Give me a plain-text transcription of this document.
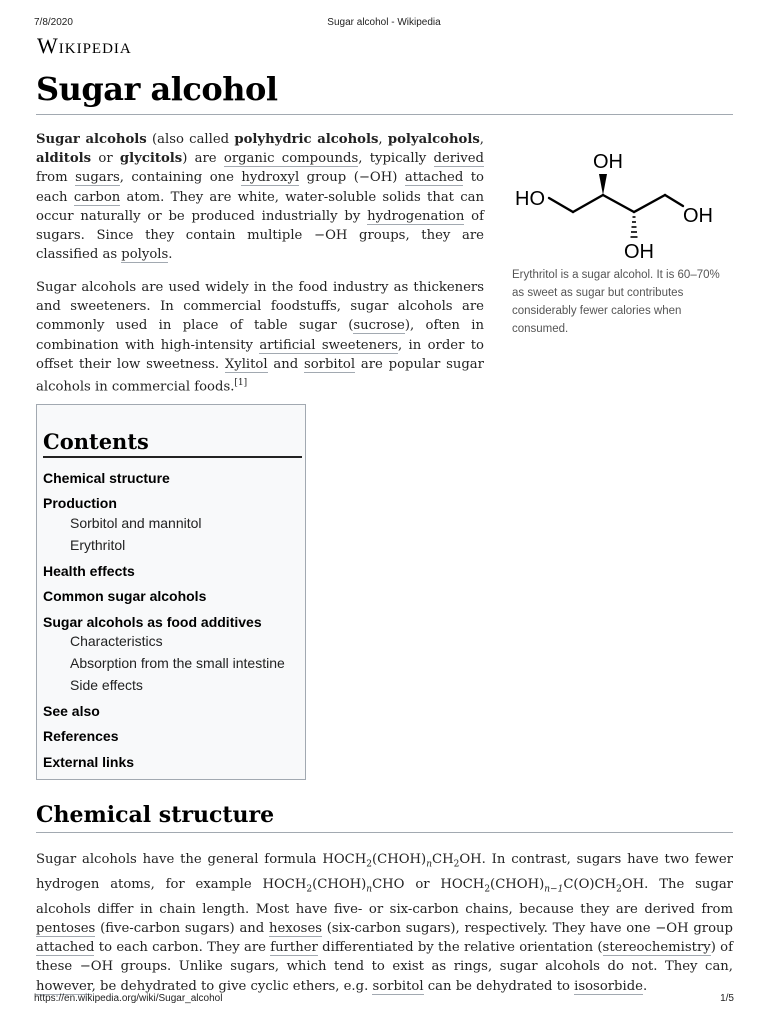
7/8/2020	Sugar alcohol - Wikipedia
Wikipedia
Sugar alcohol

Sugar alcohols (also called polyhydric alcohols, polyalcohols, alditols or glycitols) are organic compounds, typically derived from sugars, containing one hydroxyl group (−OH) attached to each carbon atom. They are white, water-soluble solids that can occur naturally or be produced industrially by hydrogenation of sugars. Since they contain multiple −OH groups, they are classified as polyols.

Sugar alcohols are used widely in the food industry as thickeners and sweeteners. In commercial foodstuffs, sugar alcohols are commonly used in place of table sugar (sucrose), often in combination with high-intensity artificial sweeteners, in order to offset their low sweetness. Xylitol and sorbitol are popular sugar alcohols in commercial foods.[1]

OH
HO
OH
OH
Erythritol is a sugar alcohol. It is 60–70% as sweet as sugar but contributes considerably fewer calories when consumed.
Contents
Chemical structure
Production
Sorbitol and mannitol
Erythritol
Health effects
Common sugar alcohols
Sugar alcohols as food additives
Characteristics
Absorption from the small intestine
Side effects
See also
References
External links
Chemical structure

Sugar alcohols have the general formula $HOCH_2(CHOH)_nCH_2OH$. In contrast, sugars have two fewer hydrogen atoms, for example $HOCH_2(CHOH)_nCHO$ or $HOCH_2(CHOH)_{n-1}C(O)CH_2OH$. The sugar alcohols differ in chain length. Most have five- or six-carbon chains, because they are derived from pentoses (five-carbon sugars) and hexoses (six-carbon sugars), respectively. They have one −OH group attached to each carbon. They are further differentiated by the relative orientation (stereochemistry) of these −OH groups. Unlike sugars, which tend to exist as rings, sugar alcohols do not. They can, however, be dehydrated to give cyclic ethers, e.g. sorbitol can be dehydrated to isosorbide.

https://en.wikipedia.org/wiki/Sugar_alcohol	1/5
